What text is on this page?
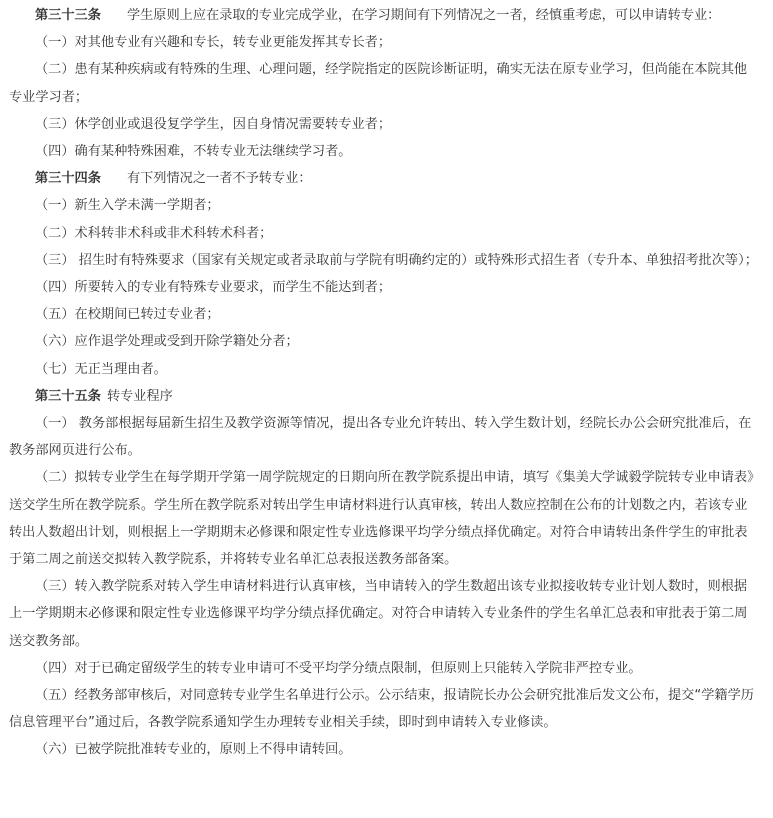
第三十三条 学生原则上应在录取的专业完成学业，在学习期间有下列情况之一者，经慎重考虑，可以申请转专业：

（一）对其他专业有兴趣和专长，转专业更能发挥其专长者；

（二）患有某种疾病或有特殊的生理、心理问题，经学院指定的医院诊断证明，确实无法在原专业学习，但尚能在本院其他专业学习者；

（三）休学创业或退役复学学生，因自身情况需要转专业者；

（四）确有某种特殊困难，不转专业无法继续学习者。

第三十四条 有下列情况之一者不予转专业：

（一）新生入学未满一学期者；

（二）术科转非术科或非术科转术科者；

（三） 招生时有特殊要求（国家有关规定或者录取前与学院有明确约定的）或特殊形式招生者（专升本、单独招考批次等）；

（四）所要转入的专业有特殊专业要求，而学生不能达到者；

（五）在校期间已转过专业者；

（六）应作退学处理或受到开除学籍处分者；

（七）无正当理由者。

第三十五条 转专业程序

（一） 教务部根据每届新生招生及教学资源等情况，提出各专业允许转出、转入学生数计划，经院长办公会研究批准后，在教务部网页进行公布。

（二）拟转专业学生在每学期开学第一周学院规定的日期向所在教学院系提出申请，填写《集美大学诚毅学院转专业申请表》送交学生所在教学院系。学生所在教学院系对转出学生申请材料进行认真审核，转出人数应控制在公布的计划数之内，若该专业转出人数超出计划，则根据上一学期期末必修课和限定性专业选修课平均学分绩点择优确定。对符合申请转出条件学生的审批表于第二周之前送交拟转入教学院系，并将转专业名单汇总表报送教务部备案。

（三）转入教学院系对转入学生申请材料进行认真审核，当申请转入的学生数超出该专业拟接收转专业计划人数时，则根据上一学期期末必修课和限定性专业选修课平均学分绩点择优确定。对符合申请转入专业条件的学生名单汇总表和审批表于第二周送交教务部。

（四）对于已确定留级学生的转专业申请可不受平均学分绩点限制，但原则上只能转入学院非严控专业。

（五）经教务部审核后，对同意转专业学生名单进行公示。公示结束，报请院长办公会研究批准后发文公布，提交“学籍学历信息管理平台”通过后，各教学院系通知学生办理转专业相关手续，即时到申请转入专业修读。

（六）已被学院批准转专业的，原则上不得申请转回。
